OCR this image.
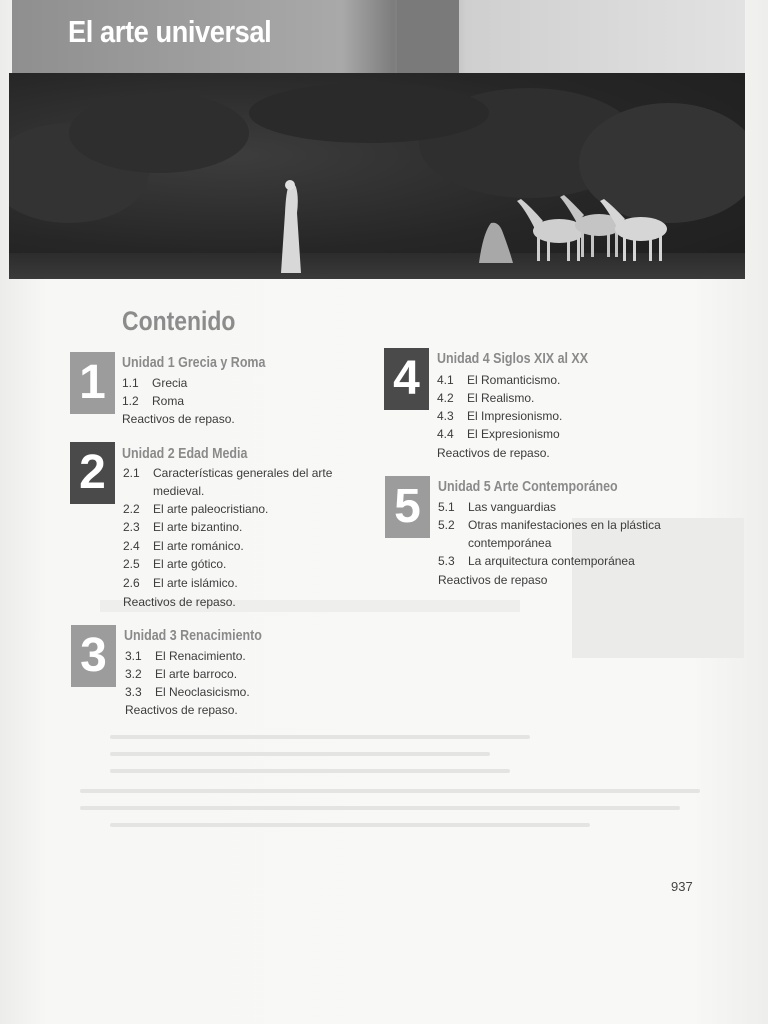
El arte universal
Contenido
1	Unidad 1 Grecia y Roma
1.1 Grecia
1.2 Roma
Reactivos de repaso.
2	Unidad 2 Edad Media
2.1 Características generales del arte
medieval.
2.2 El arte paleocristiano.
2.3 El arte bizantino.
2.4 El arte románico.
2.5 El arte gótico.
2.6 El arte islámico.
Reactivos de repaso.
3	Unidad 3 Renacimiento
3.1 El Renacimiento.
3.2 El arte barroco.
3.3 El Neoclasicismo.
Reactivos de repaso.
4	Unidad 4 Siglos XIX al XX
4.1 El Romanticismo.
4.2 El Realismo.
4.3 El Impresionismo.
4.4 El Expresionismo
Reactivos de repaso.
5	Unidad 5 Arte Contemporáneo
5.1 Las vanguardias
5.2 Otras manifestaciones en la plástica
contemporánea
5.3 La arquitectura contemporánea
Reactivos de repaso
937
